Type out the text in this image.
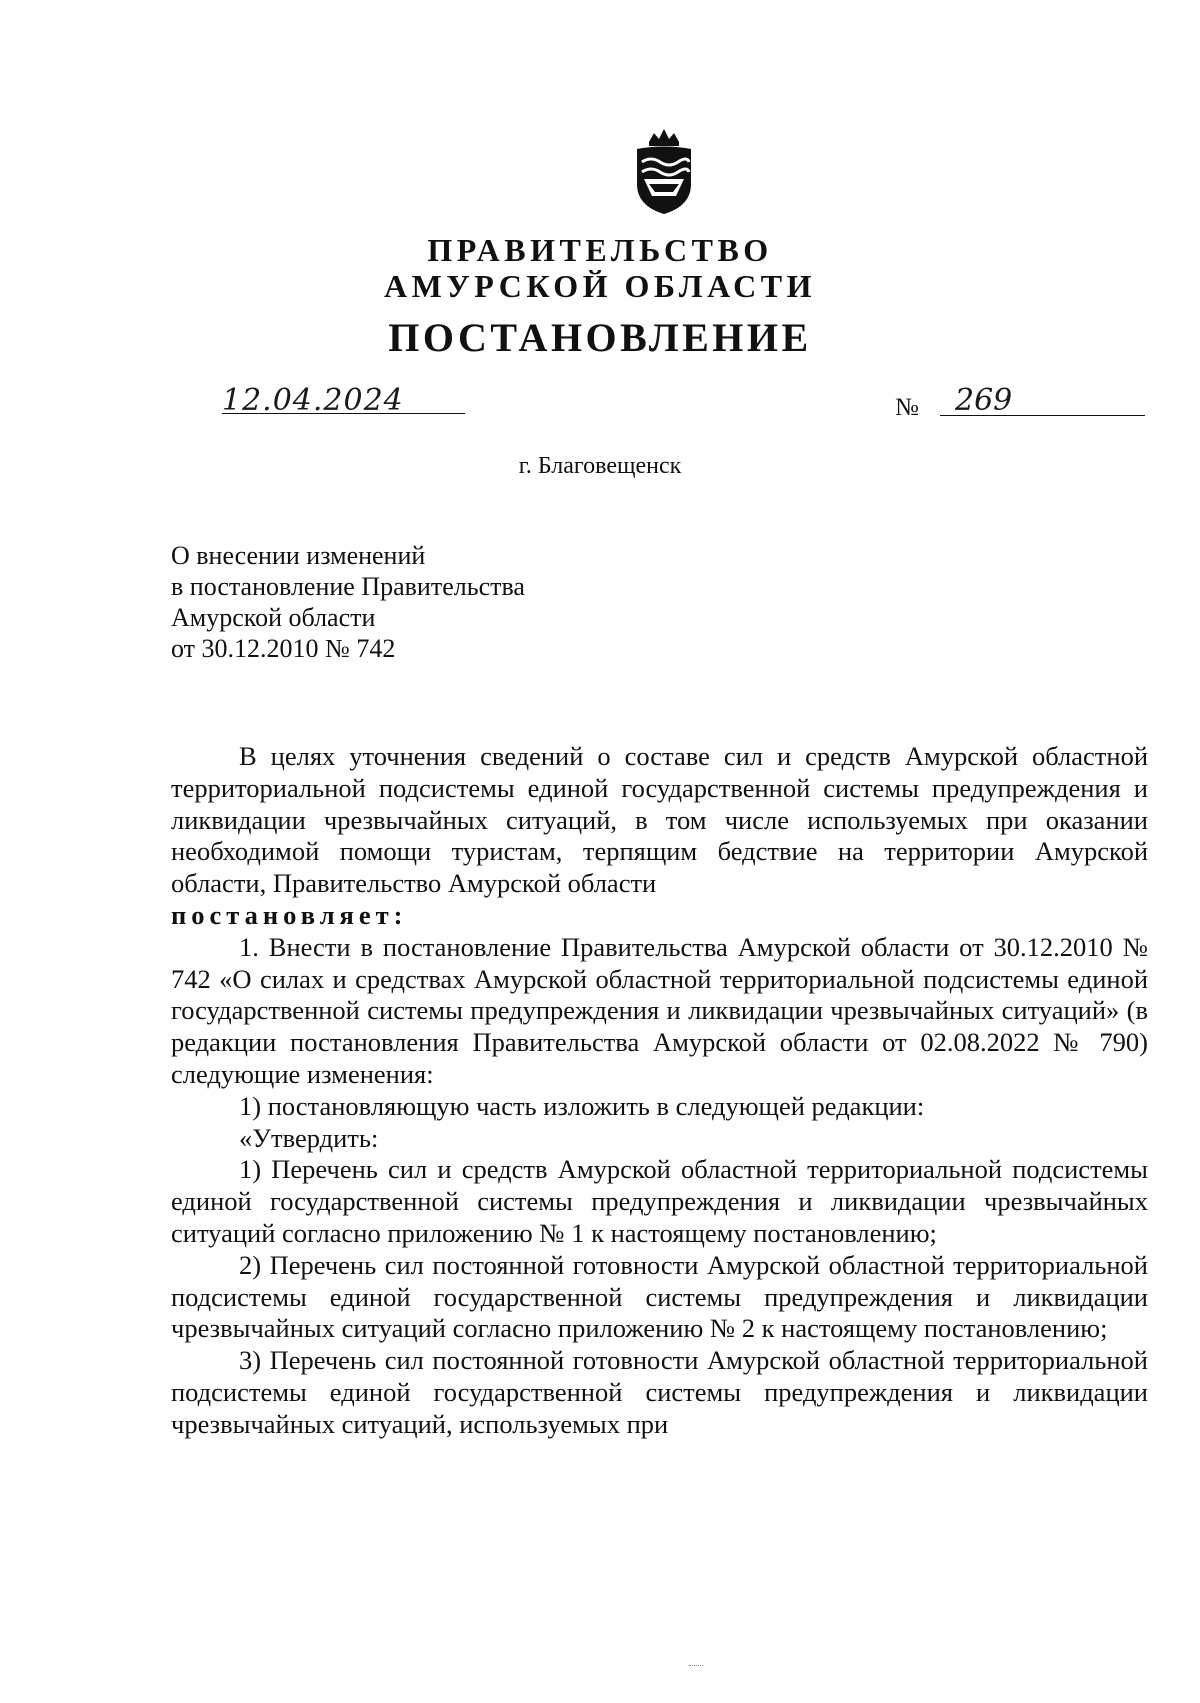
ПРАВИТЕЛЬСТВО
АМУРСКОЙ ОБЛАСТИ
ПОСТАНОВЛЕНИЕ
12.04.2024	№ 269
г. Благовещенск
О внесении изменений
в постановление Правительства
Амурской области
от 30.12.2010 № 742

В целях уточнения сведений о составе сил и средств Амурской областной территориальной подсистемы единой государственной системы предупреждения и ликвидации чрезвычайных ситуаций, в том числе используемых при оказании необходимой помощи туристам, терпящим бедствие на территории Амурской области, Правительство Амурской области

постановляет:

1. Внести в постановление Правительства Амурской области от 30.12.2010 № 742 «О силах и средствах Амурской областной территориальной подсистемы единой государственной системы предупреждения и ликвидации чрезвычайных ситуаций» (в редакции постановления Правительства Амурской области от 02.08.2022 № 790) следующие изменения:

1) постановляющую часть изложить в следующей редакции:

«Утвердить:

1) Перечень сил и средств Амурской областной территориальной подсистемы единой государственной системы предупреждения и ликвидации чрезвычайных ситуаций согласно приложению № 1 к настоящему постановлению;

2) Перечень сил постоянной готовности Амурской областной территориальной подсистемы единой государственной системы предупреждения и ликвидации чрезвычайных ситуаций согласно приложению № 2 к настоящему постановлению;

3) Перечень сил постоянной готовности Амурской областной территориальной подсистемы единой государственной системы предупреждения и ликвидации чрезвычайных ситуаций, используемых при
